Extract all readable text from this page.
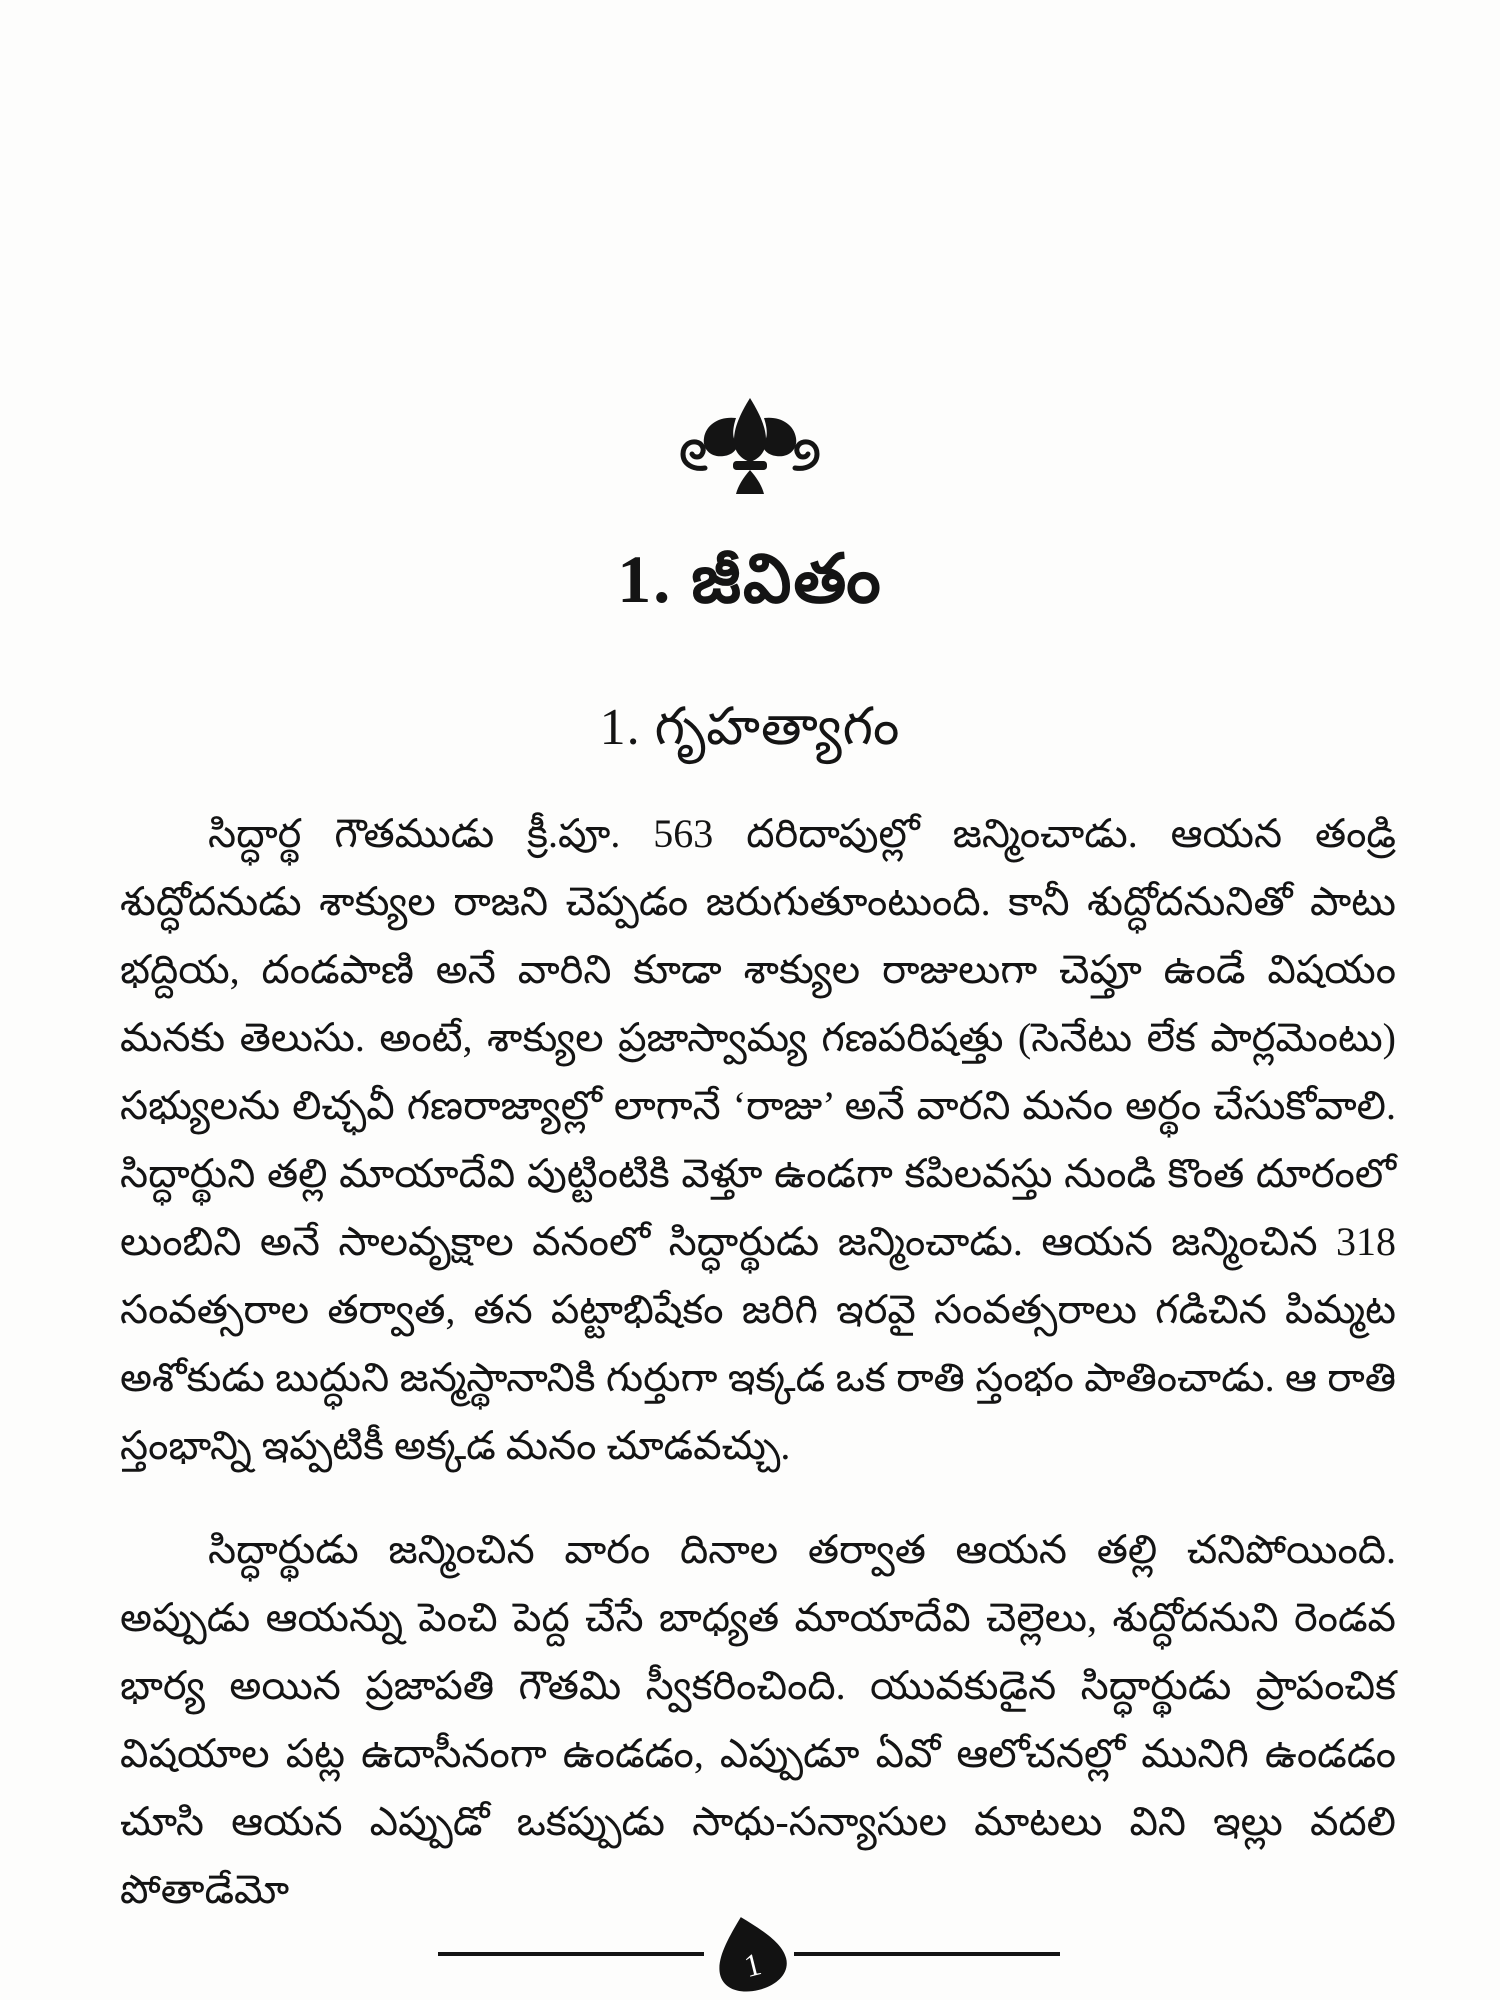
1. జీవితం
1. గృహత్యాగం

సిద్ధార్థ గౌతముడు క్రీ.పూ. 563 దరిదాపుల్లో జన్మించాడు. ఆయన తండ్రి శుద్ధోదనుడు శాక్యుల రాజని చెప్పడం జరుగుతూంటుంది. కానీ శుద్ధోదనునితో పాటు భద్దియ, దండపాణి అనే వారిని కూడా శాక్యుల రాజులుగా చెప్తూ ఉండే విషయం మనకు తెలుసు. అంటే, శాక్యుల ప్రజాస్వామ్య గణపరిషత్తు (సెనేటు లేక పార్లమెంటు) సభ్యులను లిచ్ఛవీ గణరాజ్యాల్లో లాగానే ‘రాజు’ అనే వారని మనం అర్థం చేసుకోవాలి. సిద్ధార్థుని తల్లి మాయాదేవి పుట్టింటికి వెళ్తూ ఉండగా కపిలవస్తు నుండి కొంత దూరంలో లుంబిని అనే సాలవృక్షాల వనంలో సిద్ధార్థుడు జన్మించాడు. ఆయన జన్మించిన 318 సంవత్సరాల తర్వాత, తన పట్టాభిషేకం జరిగి ఇరవై సంవత్సరాలు గడిచిన పిమ్మట అశోకుడు బుద్ధుని జన్మస్థానానికి గుర్తుగా ఇక్కడ ఒక రాతి స్తంభం పాతించాడు. ఆ రాతి స్తంభాన్ని ఇప్పటికీ అక్కడ మనం చూడవచ్చు.

సిద్ధార్థుడు జన్మించిన వారం దినాల తర్వాత ఆయన తల్లి చనిపోయింది. అప్పుడు ఆయన్ను పెంచి పెద్ద చేసే బాధ్యత మాయాదేవి చెల్లెలు, శుద్ధోదనుని రెండవ భార్య అయిన ప్రజాపతి గౌతమి స్వీకరించింది. యువకుడైన సిద్ధార్థుడు ప్రాపంచిక విషయాల పట్ల ఉదాసీనంగా ఉండడం, ఎప్పుడూ ఏవో ఆలోచనల్లో మునిగి ఉండడం చూసి ఆయన ఎప్పుడో ఒకప్పుడు సాధు-సన్యాసుల మాటలు విని ఇల్లు వదలి పోతాడేమో

1
